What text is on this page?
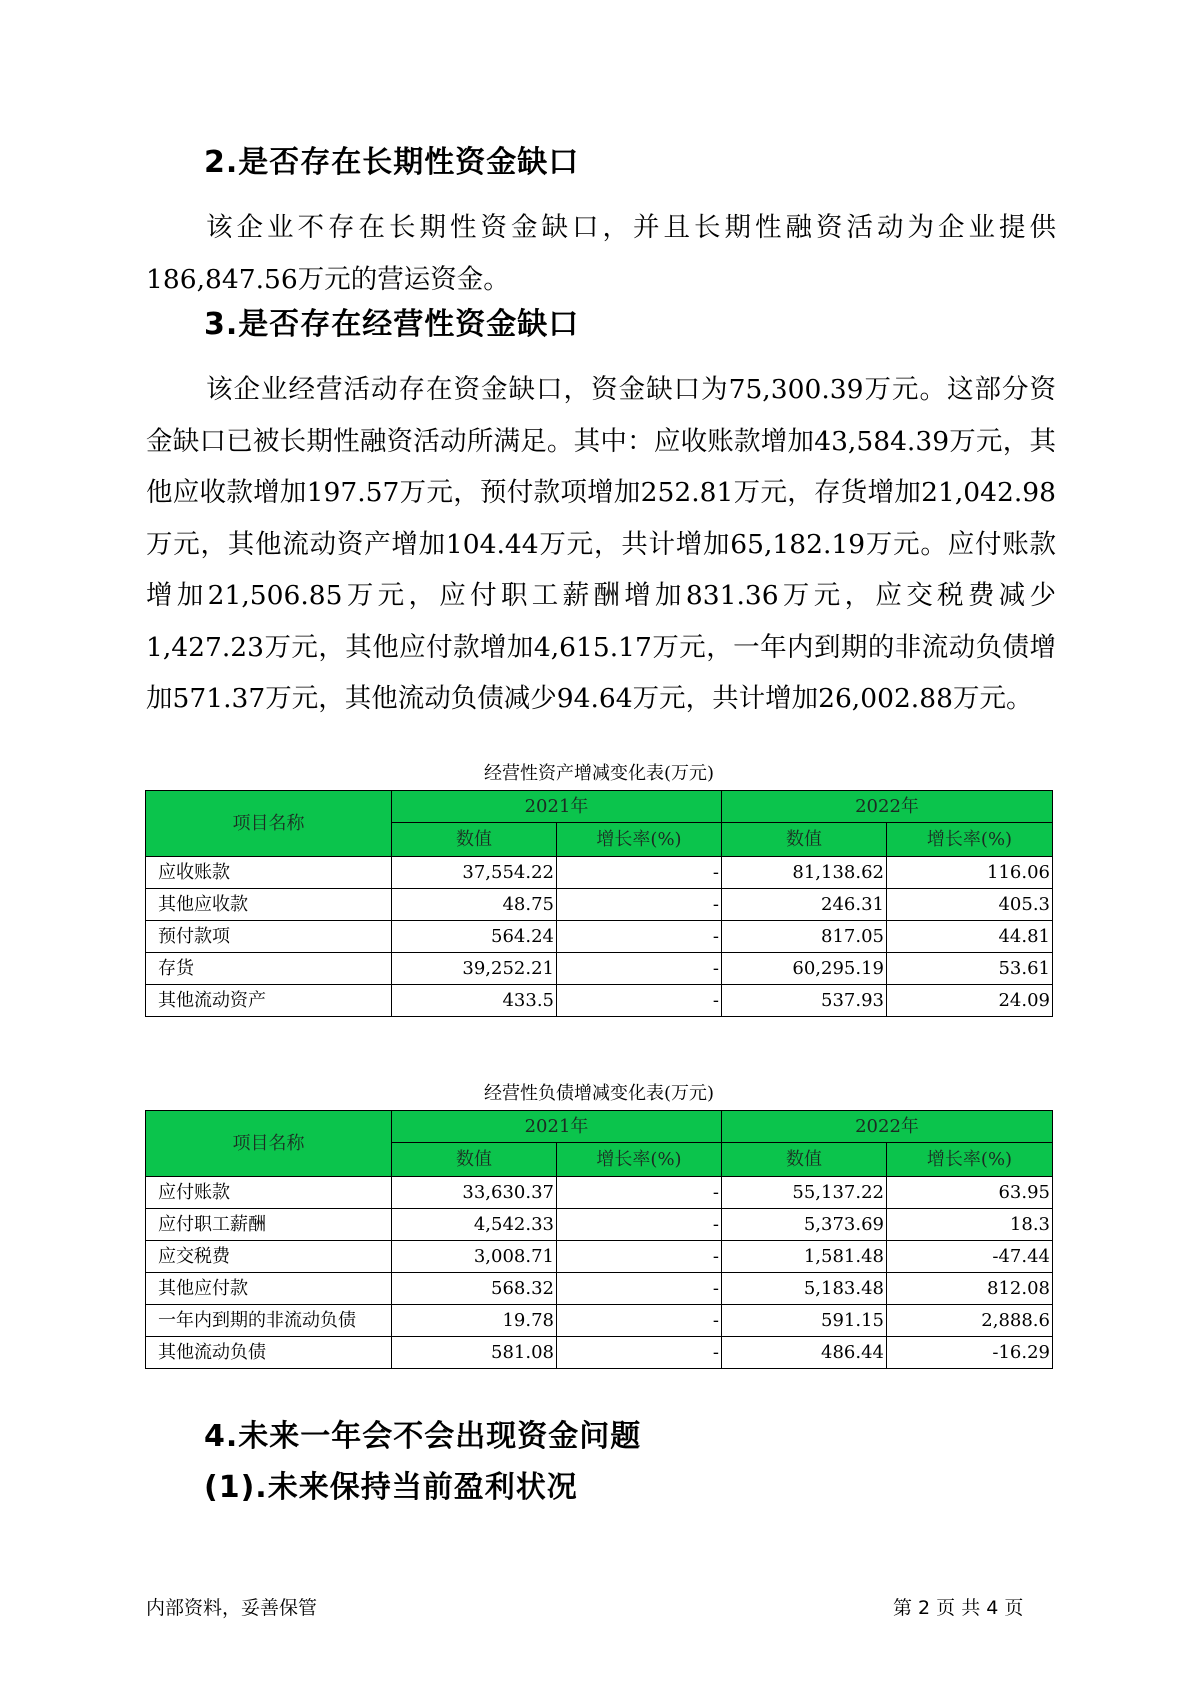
2.是否存在长期性资金缺口
该企业不存在长期性资金缺口，并且长期性融资活动为企业提供186,847.56万元的营运资金。
3.是否存在经营性资金缺口
该企业经营活动存在资金缺口，资金缺口为75,300.39万元。这部分资金缺口已被长期性融资活动所满足。其中：应收账款增加43,584.39万元，其他应收款增加197.57万元，预付款项增加252.81万元，存货增加21,042.98万元，其他流动资产增加104.44万元，共计增加65,182.19万元。应付账款增加21,506.85万元，应付职工薪酬增加831.36万元，应交税费减少1,427.23万元，其他应付款增加4,615.17万元，一年内到期的非流动负债增加571.37万元，其他流动负债减少94.64万元，共计增加26,002.88万元。
经营性资产增减变化表(万元)
项目名称	2021年		2022年	
	数值	增长率(%)	数值	增长率(%)
应收账款	37,554.22	-	81,138.62	116.06
其他应收款	48.75	-	246.31	405.3
预付款项	564.24	-	817.05	44.81
存货	39,252.21	-	60,295.19	53.61
其他流动资产	433.5	-	537.93	24.09
经营性负债增减变化表(万元)
项目名称	2021年		2022年	
	数值	增长率(%)	数值	增长率(%)
应付账款	33,630.37	-	55,137.22	63.95
应付职工薪酬	4,542.33	-	5,373.69	18.3
应交税费	3,008.71	-	1,581.48	-47.44
其他应付款	568.32	-	5,183.48	812.08
一年内到期的非流动负债	19.78	-	591.15	2,888.6
其他流动负债	581.08	-	486.44	-16.29
4.未来一年会不会出现资金问题
(1).未来保持当前盈利状况
内部资料，妥善保管	第 2 页 共 4 页
